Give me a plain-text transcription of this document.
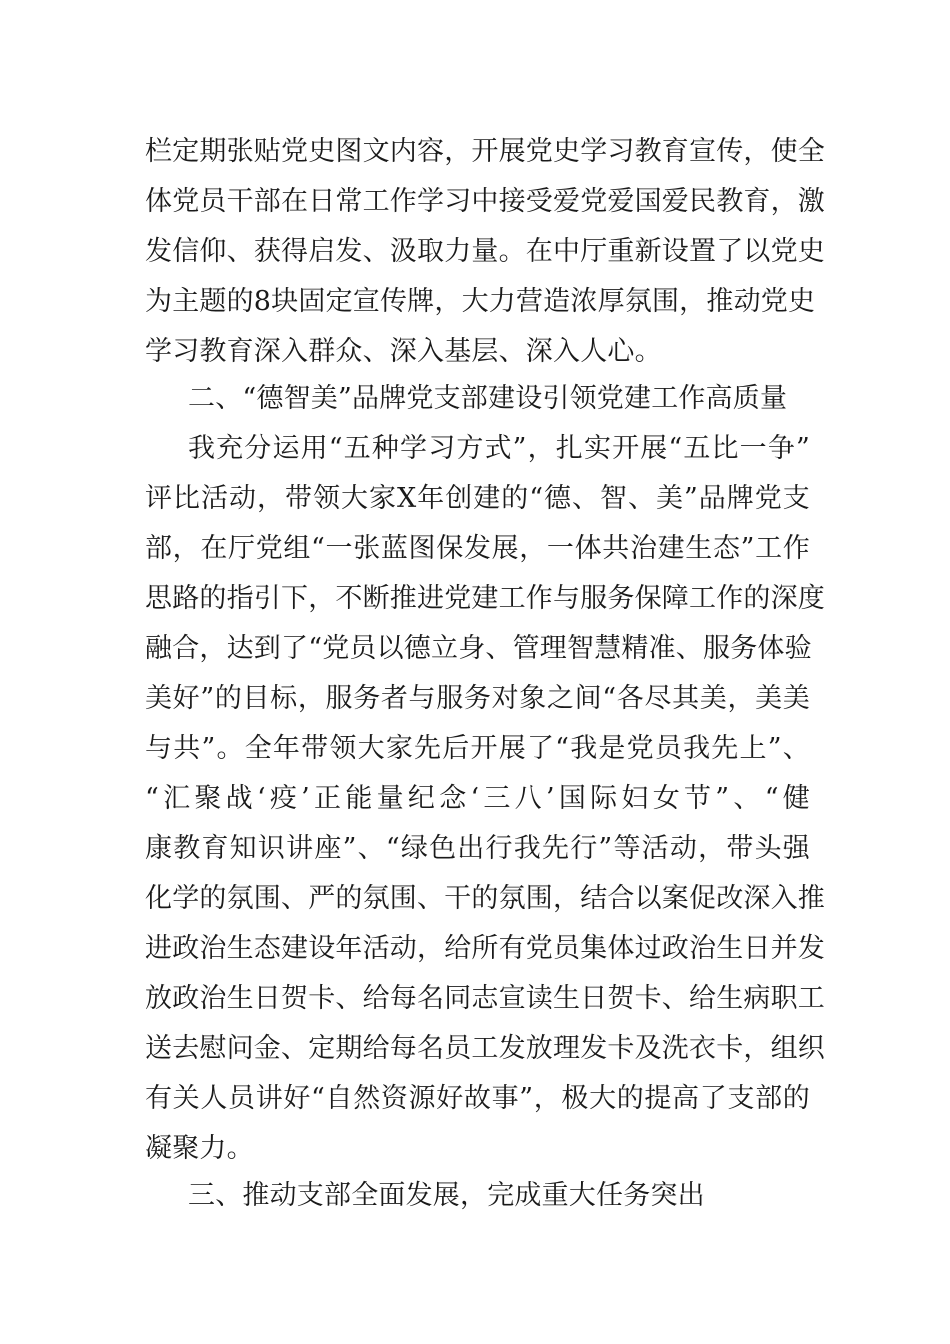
栏定期张贴党史图文内容，开展党史学习教育宣传，使全
体党员干部在日常工作学习中接受爱党爱国爱民教育，激
发信仰、获得启发、汲取力量。在中厅重新设置了以党史
为主题的8块固定宣传牌，大力营造浓厚氛围，推动党史
学习教育深入群众、深入基层、深入人心。
二、“德智美”品牌党支部建设引领党建工作高质量
我充分运用“五种学习方式”，扎实开展“五比一争”
评比活动，带领大家X年创建的“德、智、美”品牌党支
部，在厅党组“一张蓝图保发展，一体共治建生态”工作
思路的指引下，不断推进党建工作与服务保障工作的深度
融合，达到了“党员以德立身、管理智慧精准、服务体验
美好”的目标，服务者与服务对象之间“各尽其美，美美
与共”。全年带领大家先后开展了“我是党员我先上”、
“汇聚战‘疫’正能量纪念‘三八’国际妇女节”、“健
康教育知识讲座”、“绿色出行我先行”等活动，带头强
化学的氛围、严的氛围、干的氛围，结合以案促改深入推
进政治生态建设年活动，给所有党员集体过政治生日并发
放政治生日贺卡、给每名同志宣读生日贺卡、给生病职工
送去慰问金、定期给每名员工发放理发卡及洗衣卡，组织
有关人员讲好“自然资源好故事”，极大的提高了支部的
凝聚力。
三、推动支部全面发展，完成重大任务突出
